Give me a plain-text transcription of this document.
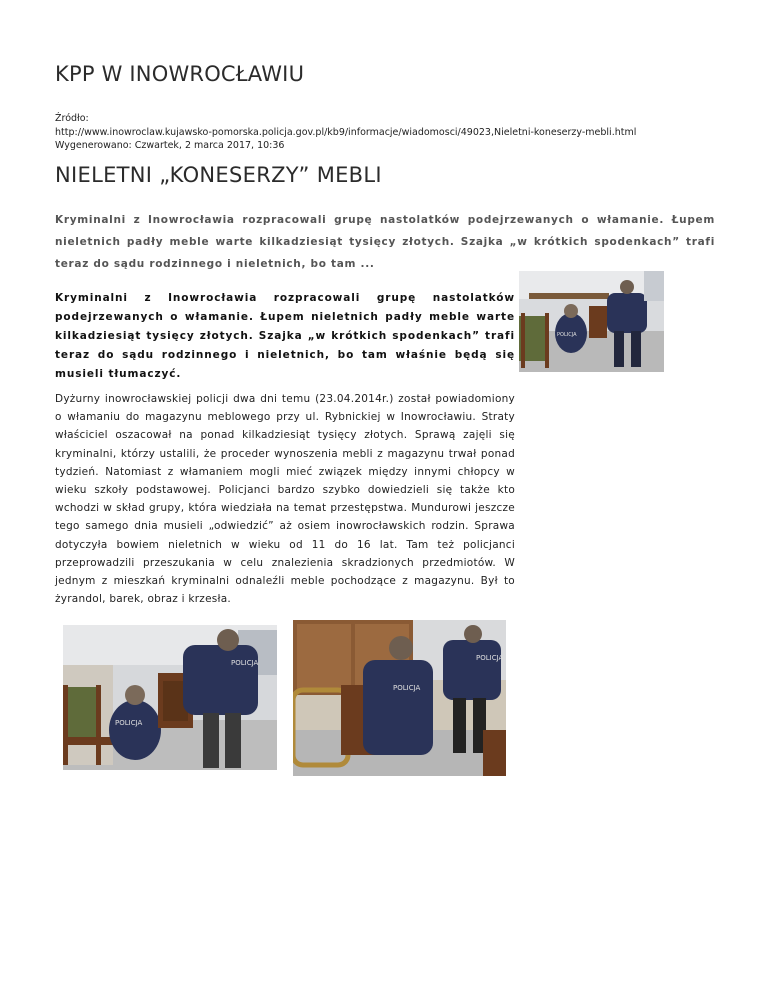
KPP W INOWROCŁAWIU
Źródło:
http://www.inowroclaw.kujawsko-pomorska.policja.gov.pl/kb9/informacje/wiadomosci/49023,Nieletni-koneserzy-mebli.html
Wygenerowano: Czwartek, 2 marca 2017, 10:36
NIELETNI „KONESERZY” MEBLI
Kryminalni z Inowrocławia rozpracowali grupę nastolatków podejrzewanych o włamanie. Łupem nieletnich padły meble warte kilkadziesiąt tysięcy złotych. Szajka „w krótkich spodenkach” trafi teraz do sądu rodzinnego i nieletnich, bo tam ...
Kryminalni z Inowrocławia rozpracowali grupę nastolatków podejrzewanych o włamanie. Łupem nieletnich padły meble warte kilkadziesiąt tysięcy złotych. Szajka „w krótkich spodenkach” trafi teraz do sądu rodzinnego i nieletnich, bo tam właśnie będą się musieli tłumaczyć.
Dyżurny inowrocławskiej policji dwa dni temu (23.04.2014r.) został powiadomiony o włamaniu do magazynu meblowego przy ul. Rybnickiej w Inowrocławiu. Straty właściciel oszacował na ponad kilkadziesiąt tysięcy złotych. Sprawą zajęli się kryminalni, którzy ustalili, że proceder wynoszenia mebli z magazynu trwał ponad tydzień. Natomiast z włamaniem mogli mieć związek między innymi chłopcy w wieku szkoły podstawowej. Policjanci bardzo szybko dowiedzieli się także kto wchodzi w skład grupy, która wiedziała na temat przestępstwa. Mundurowi jeszcze tego samego dnia musieli „odwiedzić” aż osiem inowrocławskich rodzin. Sprawa dotyczyła bowiem nieletnich w wieku od 11 do 16 lat. Tam też policjanci przeprowadzili przeszukania w celu znalezienia skradzionych przedmiotów. W jednym z mieszkań kryminalni odnaleźli meble pochodzące z magazynu. Był to żyrandol, barek, obraz i krzesła.
POLICJA
POLICJA
POLICJA
POLICJA
POLICJA
